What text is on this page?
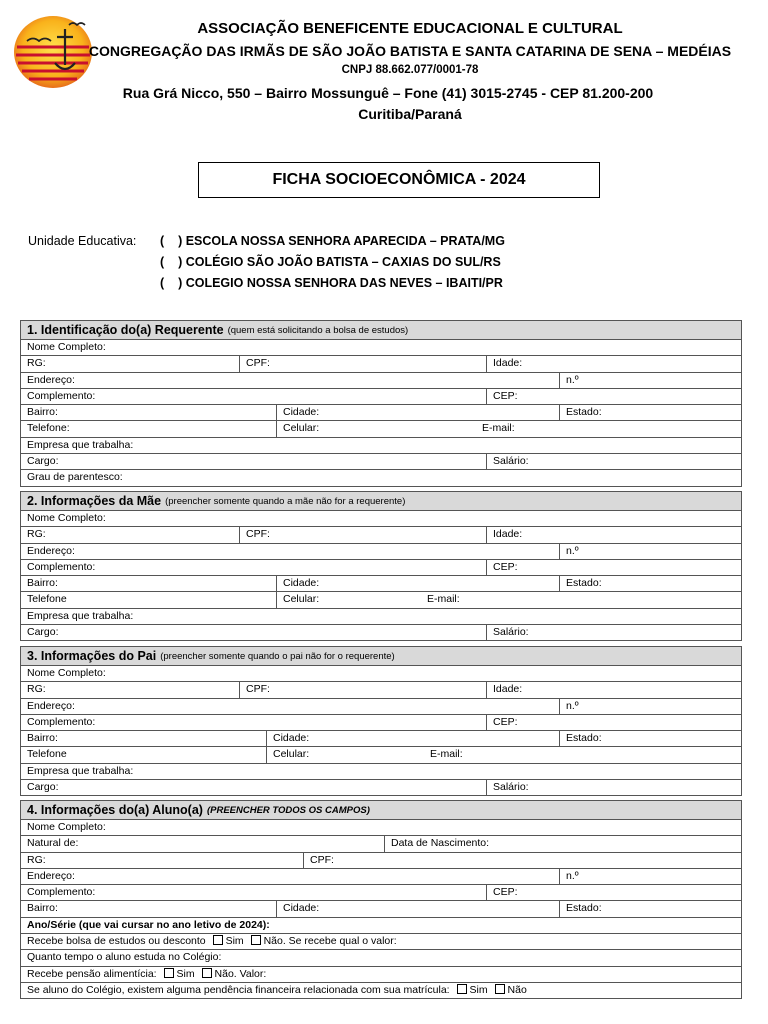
ASSOCIAÇÃO BENEFICENTE EDUCACIONAL E CULTURAL
CONGREGAÇÃO DAS IRMÃS DE SÃO JOÃO BATISTA E SANTA CATARINA DE SENA – MEDÉIAS
CNPJ 88.662.077/0001-78
Rua Grá Nicco, 550 – Bairro Mossunguê – Fone (41) 3015-2745 - CEP 81.200-200
Curitiba/Paraná
FICHA SOCIOECONÔMICA - 2024
Unidade Educativa: ( ) ESCOLA NOSSA SENHORA APARECIDA – PRATA/MG
( ) COLÉGIO SÃO JOÃO BATISTA – CAXIAS DO SUL/RS
( ) COLEGIO NOSSA SENHORA DAS NEVES – IBAITI/PR
1. Identificação do(a) Requerente (quem está solicitando a bolsa de estudos)
Nome Completo:
RG:	CPF:	Idade:
Endereço:	n.º
Complemento:	CEP:
Bairro:	Cidade:	Estado:
Telefone:	Celular:	E-mail:
Empresa que trabalha:
Cargo:	Salário:
Grau de parentesco:
2. Informações da Mãe (preencher somente quando a mãe não for a requerente)
Nome Completo:
RG:	CPF:	Idade:
Endereço:	n.º
Complemento:	CEP:
Bairro:	Cidade:	Estado:
Telefone	Celular:	E-mail:
Empresa que trabalha:
Cargo:	Salário:
3. Informações do Pai (preencher somente quando o pai não for o requerente)
Nome Completo:
RG:	CPF:	Idade:
Endereço:	n.º
Complemento:	CEP:
Bairro:	Cidade:	Estado:
Telefone	Celular:	E-mail:
Empresa que trabalha:
Cargo:	Salário:
4. Informações do(a) Aluno(a) (PREENCHER TODOS OS CAMPOS)
Nome Completo:
Natural de:	Data de Nascimento:
RG:	CPF:
Endereço:	n.º
Complemento:	CEP:
Bairro:	Cidade:	Estado:
Ano/Série (que vai cursar no ano letivo de 2024):
Recebe bolsa de estudos ou desconto Sim Não. Se recebe qual o valor:
Quanto tempo o aluno estuda no Colégio:
Recebe pensão alimentícia: Sim Não. Valor:
Se aluno do Colégio, existem alguma pendência financeira relacionada com sua matrícula: Sim Não
